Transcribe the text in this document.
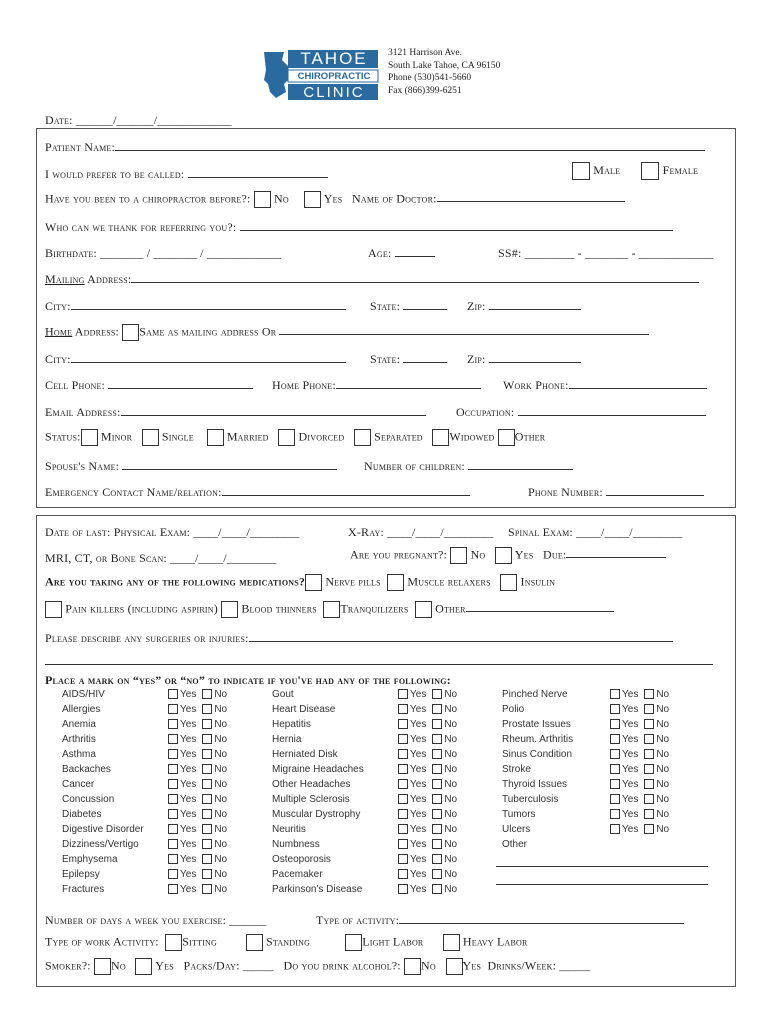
TAHOE
CHIROPRACTIC
CLINIC
3121 Harrison Ave.
South Lake Tahoe, CA 96150
Phone (530)541-5660
Fax (866)399-6251
Date: ______/______/____________
Patient Name:
I would prefer to be called:	Male	Female
Have you been to a chiropractor before?: No	Yes Name of Doctor:
Who can we thank for referring you?:
Birthdate: _______ / _______ / ____________	Age:	SS#: ________ - _______ - ____________
Mailing Address:
City:	State:	Zip:
Home Address: Same as mailing address Or
City:	State:	Zip:
Cell Phone:	Home Phone:	Work Phone:
Email Address:	Occupation:
Status: Minor Single	Married Divorced Separated Widowed Other
Spouse's Name:	Number of children:
Emergency Contact Name/relation:	Phone Number:
Date of last: Physical Exam: ____/____/________	X-Ray: ____/____/________ Spinal Exam: ____/____/________
MRI, CT, or Bone Scan: ____/____/________	Are you pregnant?: No Yes Due:
Are you taking any of the following medications? Nerve pills Muscle relaxers Insulin
Pain killers (including aspirin) Blood thinners Tranquilizers Other
Please describe any surgeries or injuries:
Place a mark on “yes” or “no” to indicate if you've had any of the following:
AIDS/HIV	Yes No
Allergies	Yes No
Anemia	Yes No
Arthritis	Yes No
Asthma	Yes No
Backaches	Yes No
Cancer	Yes No
Concussion	Yes No
Diabetes	Yes No
Digestive Disorder	Yes No
Dizziness/Vertigo	Yes No
Emphysema	Yes No
Epilepsy	Yes No
Fractures	Yes No
Gout	Yes No
Heart Disease	Yes No
Hepatitis	Yes No
Hernia	Yes No
Herniated Disk	Yes No
Migraine Headaches	Yes No
Other Headaches	Yes No
Multiple Sclerosis	Yes No
Muscular Dystrophy	Yes No
Neuritis	Yes No
Numbness	Yes No
Osteoporosis	Yes No
Pacemaker	Yes No
Parkinson's Disease	Yes No
Pinched Nerve	Yes No
Polio	Yes No
Prostate Issues	Yes No
Rheum. Arthritis	Yes No
Sinus Condition	Yes No
Stroke	Yes No
Thyroid Issues	Yes No
Tuberculosis	Yes No
Tumors	Yes No
Ulcers	Yes No
Other
Number of days a week you exercise: ______	Type of activity:
Type of work Activity: Sitting	Standing	Light Labor	Heavy Labor
Smoker?: No Yes Packs/Day: _____ Do you drink alcohol?: No Yes Drinks/Week: _____
